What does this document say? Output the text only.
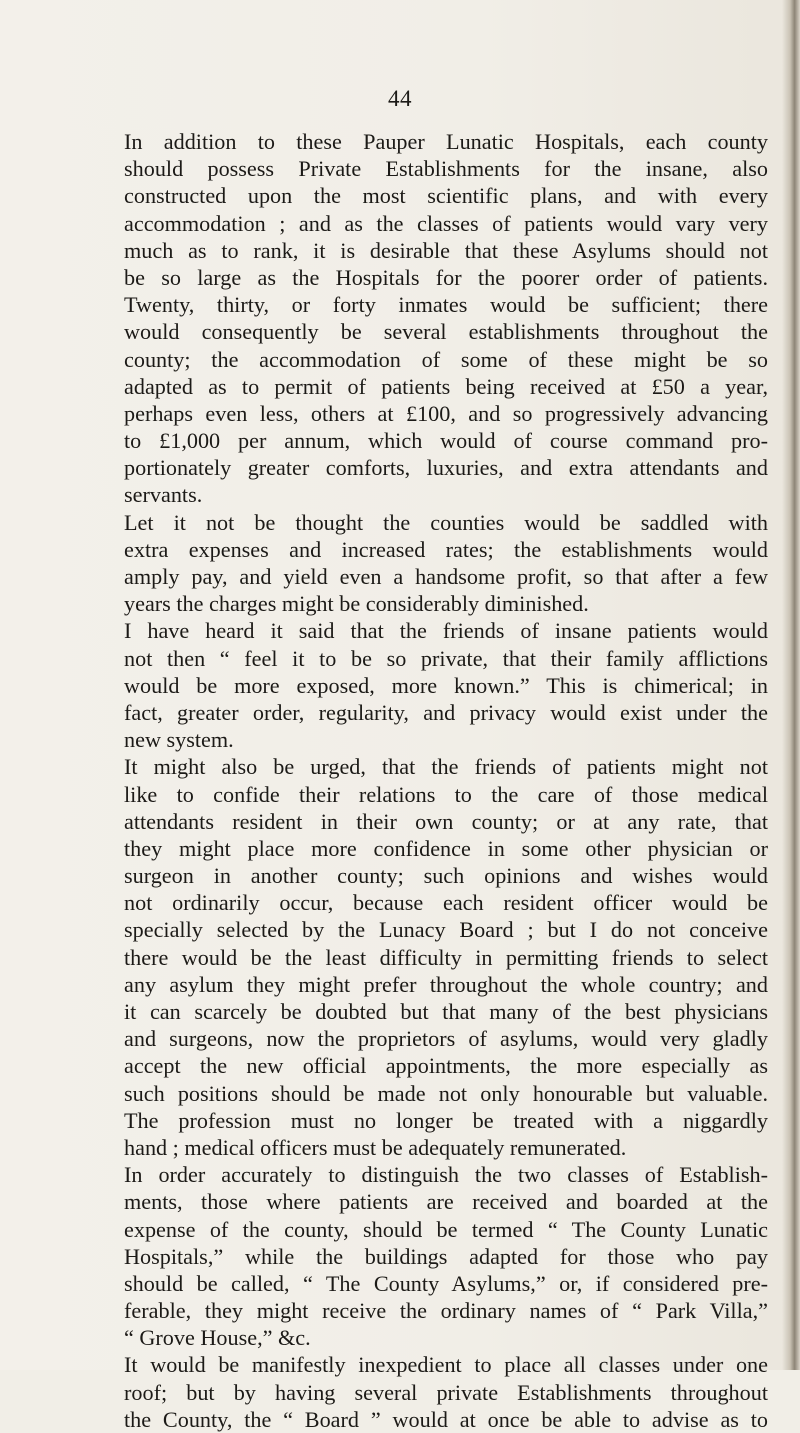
44
In addition to these Pauper Lunatic Hospitals, each county
should possess Private Establishments for the insane, also
constructed upon the most scientific plans, and with every
accommodation ; and as the classes of patients would vary very
much as to rank, it is desirable that these Asylums should not
be so large as the Hospitals for the poorer order of patients.
Twenty, thirty, or forty inmates would be sufficient; there
would consequently be several establishments throughout the
county; the accommodation of some of these might be so
adapted as to permit of patients being received at £50 a year,
perhaps even less, others at £100, and so progressively advancing
to £1,000 per annum, which would of course command pro-
portionately greater comforts, luxuries, and extra attendants and
servants.
Let it not be thought the counties would be saddled with
extra expenses and increased rates; the establishments would
amply pay, and yield even a handsome profit, so that after a few
years the charges might be considerably diminished.
I have heard it said that the friends of insane patients would
not then “ feel it to be so private, that their family afflictions
would be more exposed, more known.” This is chimerical; in
fact, greater order, regularity, and privacy would exist under the
new system.
It might also be urged, that the friends of patients might not
like to confide their relations to the care of those medical
attendants resident in their own county; or at any rate, that
they might place more confidence in some other physician or
surgeon in another county; such opinions and wishes would
not ordinarily occur, because each resident officer would be
specially selected by the Lunacy Board ; but I do not conceive
there would be the least difficulty in permitting friends to select
any asylum they might prefer throughout the whole country; and
it can scarcely be doubted but that many of the best physicians
and surgeons, now the proprietors of asylums, would very gladly
accept the new official appointments, the more especially as
such positions should be made not only honourable but valuable.
The profession must no longer be treated with a niggardly
hand ; medical officers must be adequately remunerated.
In order accurately to distinguish the two classes of Establish-
ments, those where patients are received and boarded at the
expense of the county, should be termed “ The County Lunatic
Hospitals,” while the buildings adapted for those who pay
should be called, “ The County Asylums,” or, if considered pre-
ferable, they might receive the ordinary names of “ Park Villa,”
“ Grove House,” &c.
It would be manifestly inexpedient to place all classes under one
roof; but by having several private Establishments throughout
the County, the “ Board ” would at once be able to advise as to
